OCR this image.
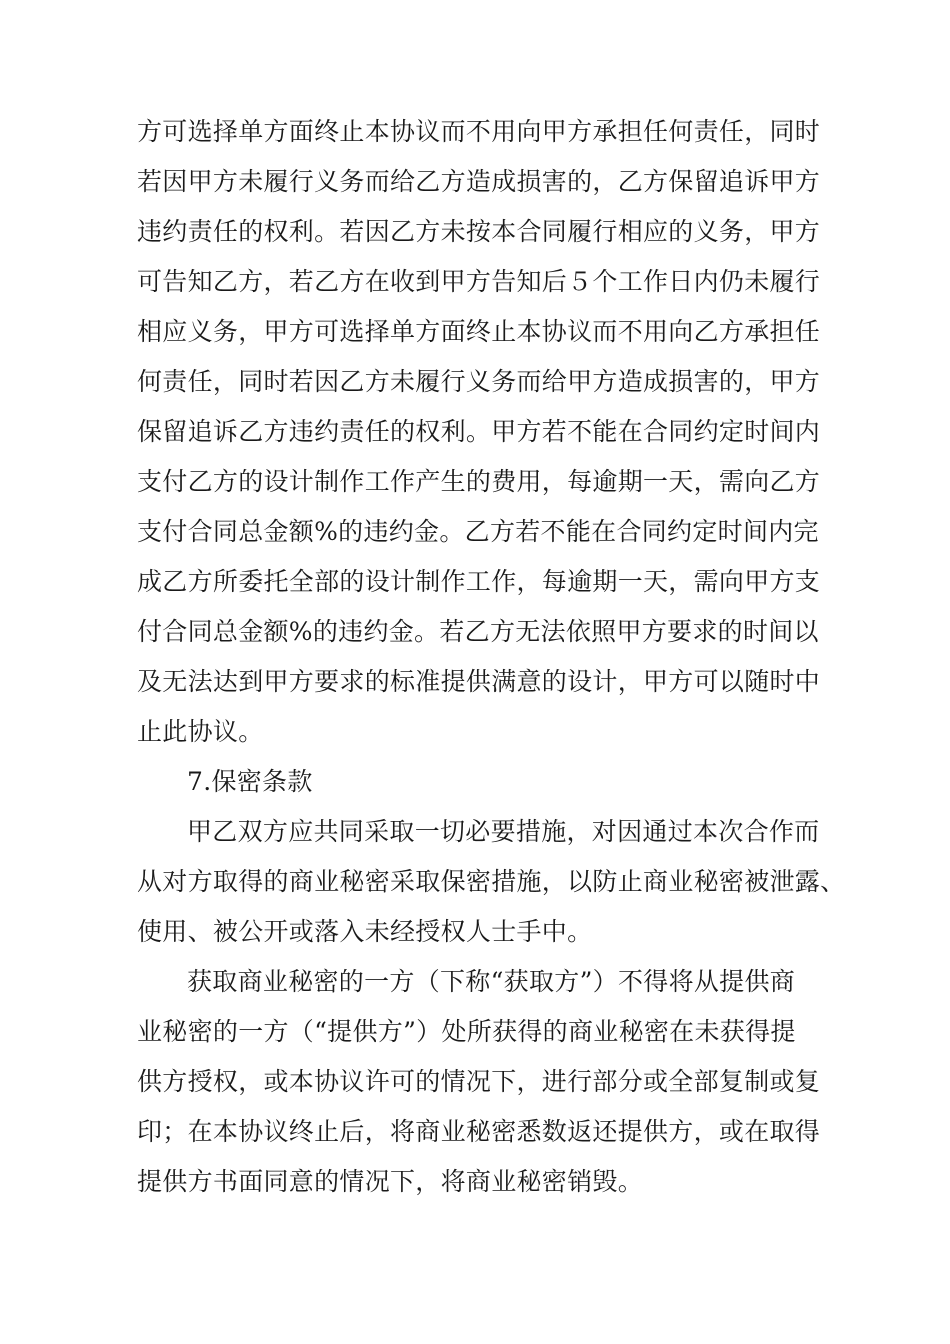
方可选择单方面终止本协议而不用向甲方承担任何责任，同时
若因甲方未履行义务而给乙方造成损害的，乙方保留追诉甲方
违约责任的权利。若因乙方未按本合同履行相应的义务，甲方
可告知乙方，若乙方在收到甲方告知后５个工作日内仍未履行
相应义务，甲方可选择单方面终止本协议而不用向乙方承担任
何责任，同时若因乙方未履行义务而给甲方造成损害的，甲方
保留追诉乙方违约责任的权利。甲方若不能在合同约定时间内
支付乙方的设计制作工作产生的费用，每逾期一天，需向乙方
支付合同总金额%的违约金。乙方若不能在合同约定时间内完
成乙方所委托全部的设计制作工作，每逾期一天，需向甲方支
付合同总金额%的违约金。若乙方无法依照甲方要求的时间以
及无法达到甲方要求的标准提供满意的设计，甲方可以随时中
止此协议。
7.保密条款
甲乙双方应共同采取一切必要措施，对因通过本次合作而
从对方取得的商业秘密采取保密措施，以防止商业秘密被泄露、
使用、被公开或落入未经授权人士手中。
获取商业秘密的一方（下称“获取方”）不得将从提供商
业秘密的一方（“提供方”）处所获得的商业秘密在未获得提
供方授权，或本协议许可的情况下，进行部分或全部复制或复
印；在本协议终止后，将商业秘密悉数返还提供方，或在取得
提供方书面同意的情况下，将商业秘密销毁。
